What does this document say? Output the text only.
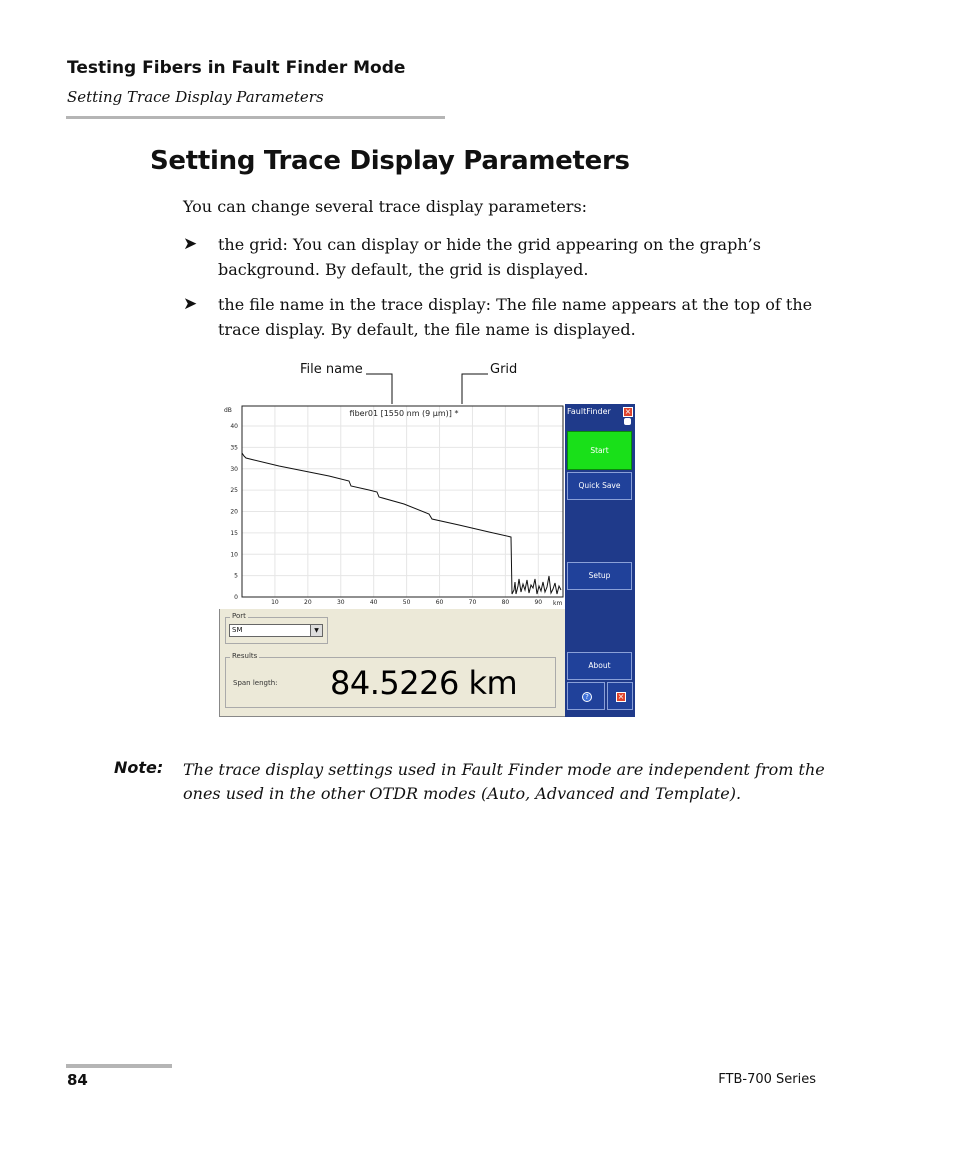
Testing Fibers in Fault Finder Mode
Setting Trace Display Parameters
Setting Trace Display Parameters
You can change several trace display parameters:
➤ the grid: You can display or hide the grid appearing on the graph’s background. By default, the grid is displayed.
➤ the file name in the trace display: The file name appears at the top of the trace display. By default, the file name is displayed.
File name	Grid
dB
km
fiber01 [1550 nm (9 µm)] *
0
5
10
15
20
25
30
35
40
10	20	30	40	50	60	70	80	90
Port
SM	▼
Results
Span length: 84.5226 km
FaultFinder ×
Start
Quick Save
Setup
About
?	×
Note: The trace display settings used in Fault Finder mode are independent from the ones used in the other OTDR modes (Auto, Advanced and Template).
84	FTB-700 Series
